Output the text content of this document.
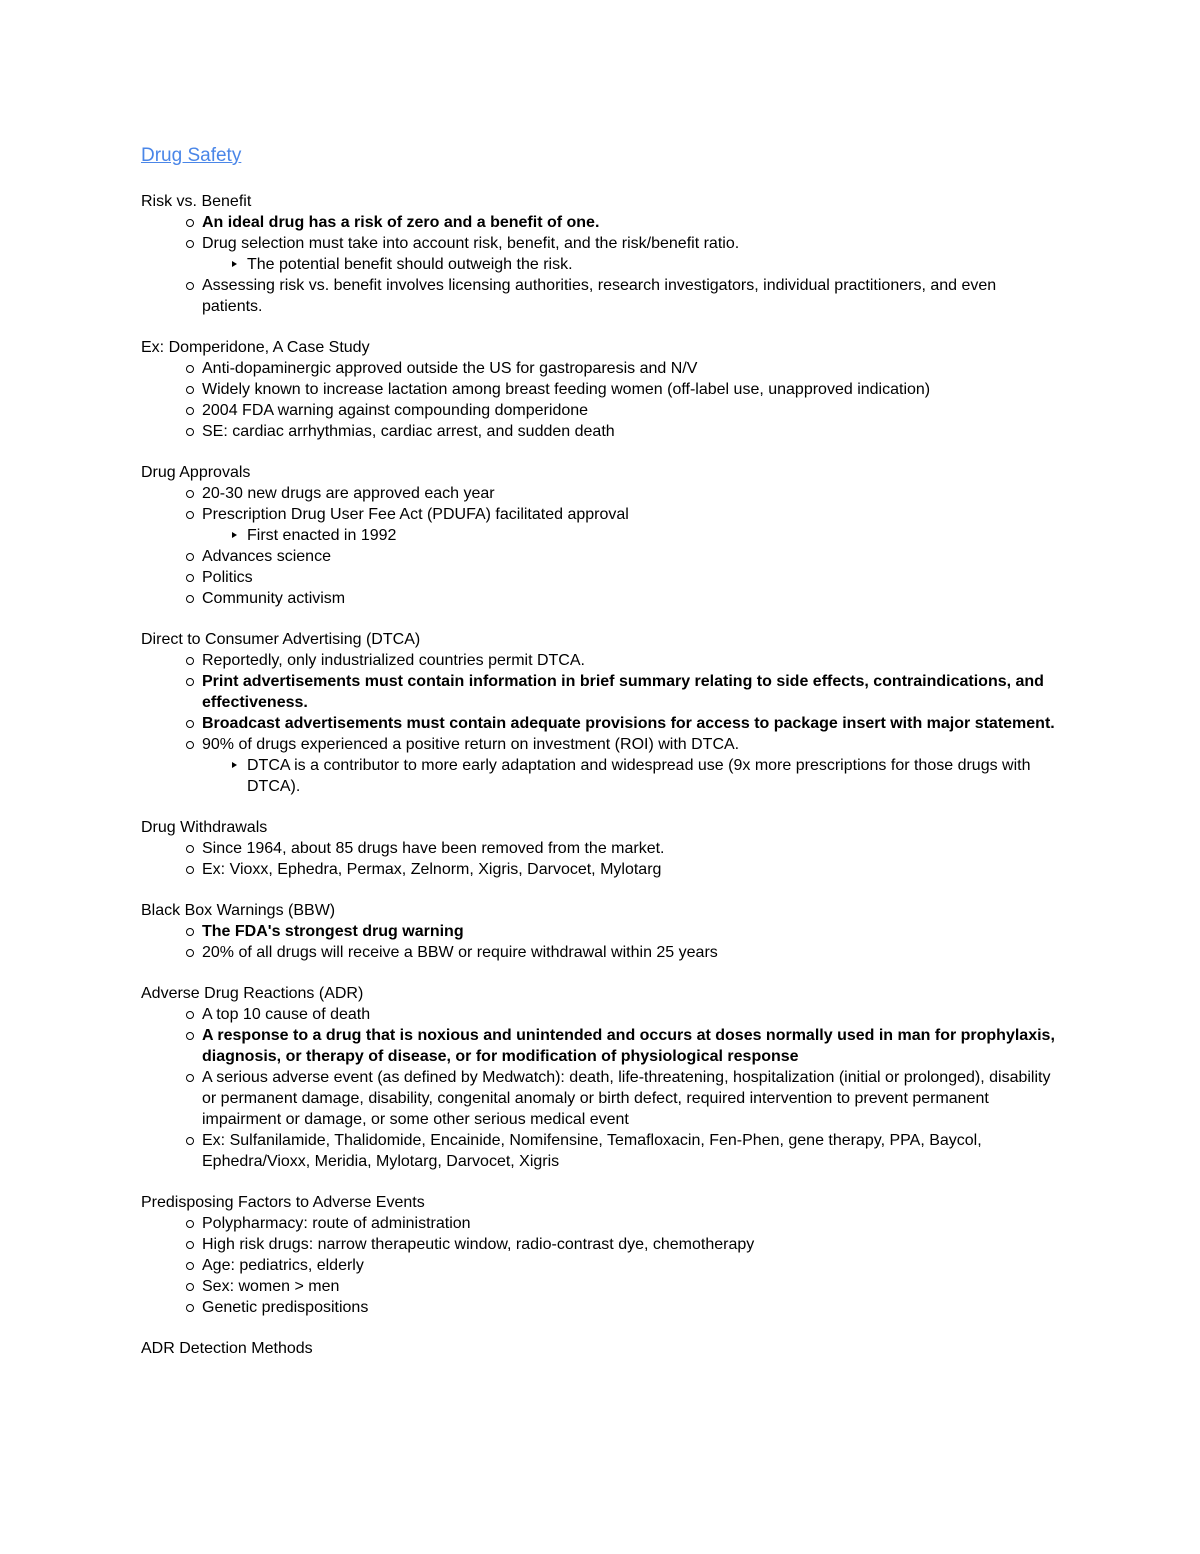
Drug Safety

Risk vs. Benefit

An ideal drug has a risk of zero and a benefit of one.
Drug selection must take into account risk, benefit, and the risk/benefit ratio.
The potential benefit should outweigh the risk.
Assessing risk vs. benefit involves licensing authorities, research investigators, individual practitioners, and even patients.

Ex: Domperidone, A Case Study

Anti-dopaminergic approved outside the US for gastroparesis and N/V
Widely known to increase lactation among breast feeding women (off-label use, unapproved indication)
2004 FDA warning against compounding domperidone
SE: cardiac arrhythmias, cardiac arrest, and sudden death

Drug Approvals

20-30 new drugs are approved each year
Prescription Drug User Fee Act (PDUFA) facilitated approval
First enacted in 1992
Advances science
Politics
Community activism

Direct to Consumer Advertising (DTCA)

Reportedly, only industrialized countries permit DTCA.
Print advertisements must contain information in brief summary relating to side effects, contraindications, and effectiveness.
Broadcast advertisements must contain adequate provisions for access to package insert with major statement.
90% of drugs experienced a positive return on investment (ROI) with DTCA.
DTCA is a contributor to more early adaptation and widespread use (9x more prescriptions for those drugs with DTCA).

Drug Withdrawals

Since 1964, about 85 drugs have been removed from the market.
Ex: Vioxx, Ephedra, Permax, Zelnorm, Xigris, Darvocet, Mylotarg

Black Box Warnings (BBW)

The FDA's strongest drug warning
20% of all drugs will receive a BBW or require withdrawal within 25 years

Adverse Drug Reactions (ADR)

A top 10 cause of death
A response to a drug that is noxious and unintended and occurs at doses normally used in man for prophylaxis, diagnosis, or therapy of disease, or for modification of physiological response
A serious adverse event (as defined by Medwatch): death, life-threatening, hospitalization (initial or prolonged), disability or permanent damage, disability, congenital anomaly or birth defect, required intervention to prevent permanent impairment or damage, or some other serious medical event
Ex: Sulfanilamide, Thalidomide, Encainide, Nomifensine, Temafloxacin, Fen-Phen, gene therapy, PPA, Baycol, Ephedra/Vioxx, Meridia, Mylotarg, Darvocet, Xigris

Predisposing Factors to Adverse Events

Polypharmacy: route of administration
High risk drugs: narrow therapeutic window, radio-contrast dye, chemotherapy
Age: pediatrics, elderly
Sex: women > men
Genetic predispositions

ADR Detection Methods
